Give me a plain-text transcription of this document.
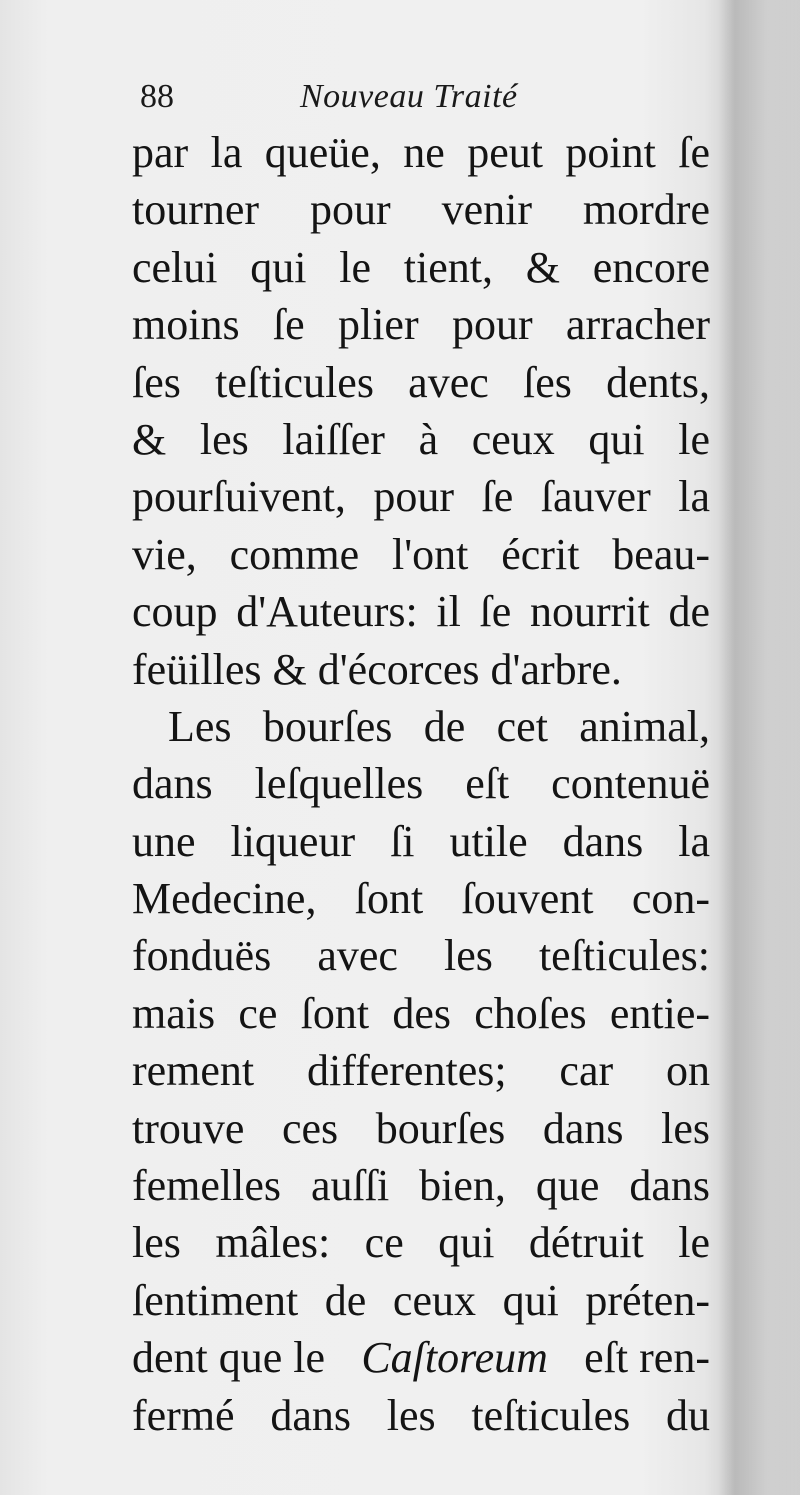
88	Nouveau Traité
par la queüe, ne peut point ſe
tourner pour venir mordre
celui qui le tient, & encore
moins ſe plier pour arracher
ſes teſticules avec ſes dents,
& les laiſſer à ceux qui le
pourſuivent, pour ſe ſauver la
vie, comme l'ont écrit beau-
coup d'Auteurs: il ſe nourrit de
feüilles & d'écorces d'arbre.
Les bourſes de cet animal,
dans leſquelles eſt contenuë
une liqueur ſi utile dans la
Medecine, ſont ſouvent con-
fonduës avec les teſticules:
mais ce ſont des choſes entie-
rement differentes; car on
trouve ces bourſes dans les
femelles auſſi bien, que dans
les mâles: ce qui détruit le
ſentiment de ceux qui préten-
dent que le Caſtoreum eſt ren-
fermé dans les teſticules du
